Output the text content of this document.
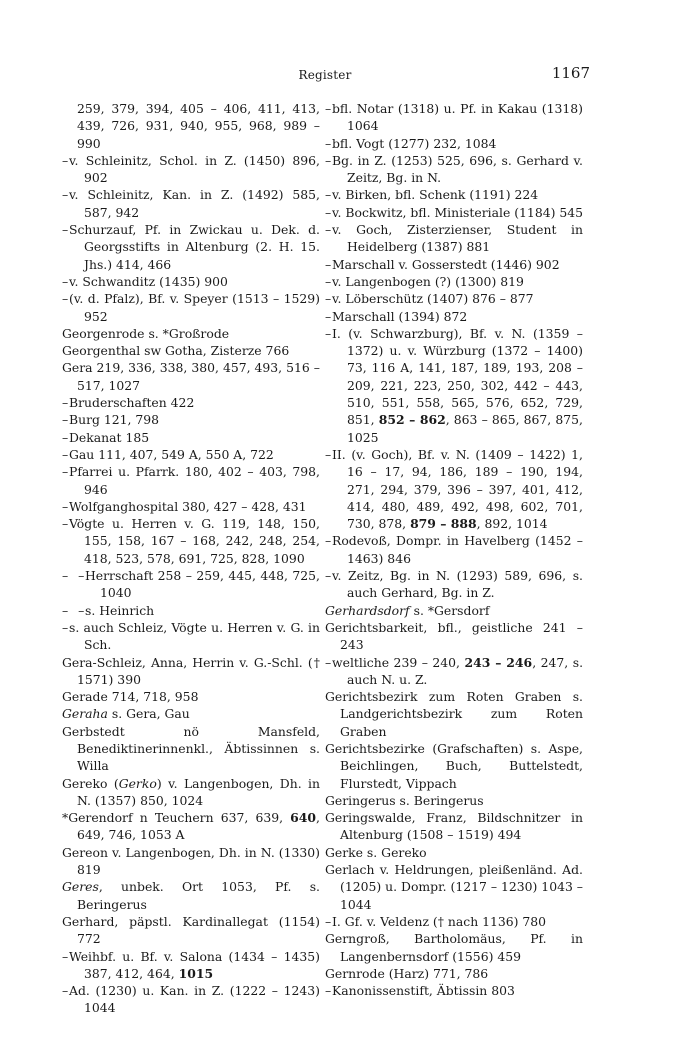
Register	1167

259, 379, 394, 405 – 406, 411, 413, 439, 726, 931, 940, 955, 968, 989 – 990

– v. Schleinitz, Schol. in Z. (1450) 896, 902

– v. Schleinitz, Kan. in Z. (1492) 585, 587, 942

– Schurzauf, Pf. in Zwickau u. Dek. d. Georgsstifts in Altenburg (2. H. 15. Jhs.) 414, 466

– v. Schwanditz (1435) 900

– (v. d. Pfalz), Bf. v. Speyer (1513 – 1529) 952

Georgenrode s. *Großrode

Georgenthal sw Gotha, Zisterze 766

Gera 219, 336, 338, 380, 457, 493, 516 – 517, 1027

– Bruderschaften 422

– Burg 121, 798

– Dekanat 185

– Gau 111, 407, 549 A, 550 A, 722

– Pfarrei u. Pfarrk. 180, 402 – 403, 798, 946

– Wolfganghospital 380, 427 – 428, 431

– Vögte u. Herren v. G. 119, 148, 150, 155, 158, 167 – 168, 242, 248, 254, 418, 523, 578, 691, 725, 828, 1090

– –
Herrschaft 258 – 259, 445, 448, 725, 1040

– –
s. Heinrich

– s. auch Schleiz, Vögte u. Herren v. G. in Sch.

Gera-Schleiz, Anna, Herrin v. G.-Schl. († 1571) 390

Gerade 714, 718, 958

Geraha s. Gera, Gau

Gerbstedt nö Mansfeld, Benediktinerinnenkl., Äbtissinnen s. Willa

Gereko (Gerko) v. Langenbogen, Dh. in N. (1357) 850, 1024

*Gerendorf n Teuchern 637, 639, 640, 649, 746, 1053 A

Gereon v. Langenbogen, Dh. in N. (1330) 819

Geres, unbek. Ort 1053, Pf. s. Beringerus

Gerhard, päpstl. Kardinallegat (1154) 772

– Weihbf. u. Bf. v. Salona (1434 – 1435) 387, 412, 464, 1015

– Ad. (1230) u. Kan. in Z. (1222 – 1243) 1044

– bfl. Notar (1318) u. Pf. in Kakau (1318) 1064

– bfl. Vogt (1277) 232, 1084

– Bg. in Z. (1253) 525, 696, s. Gerhard v. Zeitz, Bg. in N.

– v. Birken, bfl. Schenk (1191) 224

– v. Bockwitz, bfl. Ministeriale (1184) 545

– v. Goch, Zisterzienser, Student in Heidelberg (1387) 881

– Marschall v. Gosserstedt (1446) 902

– v. Langenbogen (?) (1300) 819

– v. Löberschütz (1407) 876 – 877

– Marschall (1394) 872

– I. (v. Schwarzburg), Bf. v. N. (1359 – 1372) u. v. Würzburg (1372 – 1400) 73, 116 A, 141, 187, 189, 193, 208 – 209, 221, 223, 250, 302, 442 – 443, 510, 551, 558, 565, 576, 652, 729, 851, 852 – 862, 863 – 865, 867, 875, 1025

– II. (v. Goch), Bf. v. N. (1409 – 1422) 1, 16 – 17, 94, 186, 189 – 190, 194, 271, 294, 379, 396 – 397, 401, 412, 414, 480, 489, 492, 498, 602, 701, 730, 878, 879 – 888, 892, 1014

– Rodevoß, Dompr. in Havelberg (1452 – 1463) 846

– v. Zeitz, Bg. in N. (1293) 589, 696, s. auch Gerhard, Bg. in Z.

Gerhardsdorf s. *Gersdorf

Gerichtsbarkeit, bfl., geistliche 241 – 243

– weltliche 239 – 240, 243 – 246, 247, s. auch N. u. Z.

Gerichtsbezirk zum Roten Graben s. Landgerichtsbezirk zum Roten Graben

Gerichtsbezirke (Grafschaften) s. Aspe, Beichlingen, Buch, Buttelstedt, Flurstedt, Vippach

Geringerus s. Beringerus

Geringswalde, Franz, Bildschnitzer in Altenburg (1508 – 1519) 494

Gerke s. Gereko

Gerlach v. Heldrungen, pleißenländ. Ad. (1205) u. Dompr. (1217 – 1230) 1043 – 1044

– I. Gf. v. Veldenz († nach 1136) 780

Gerngroß, Bartholomäus, Pf. in Langenbernsdorf (1556) 459

Gernrode (Harz) 771, 786

– Kanonissenstift, Äbtissin 803
